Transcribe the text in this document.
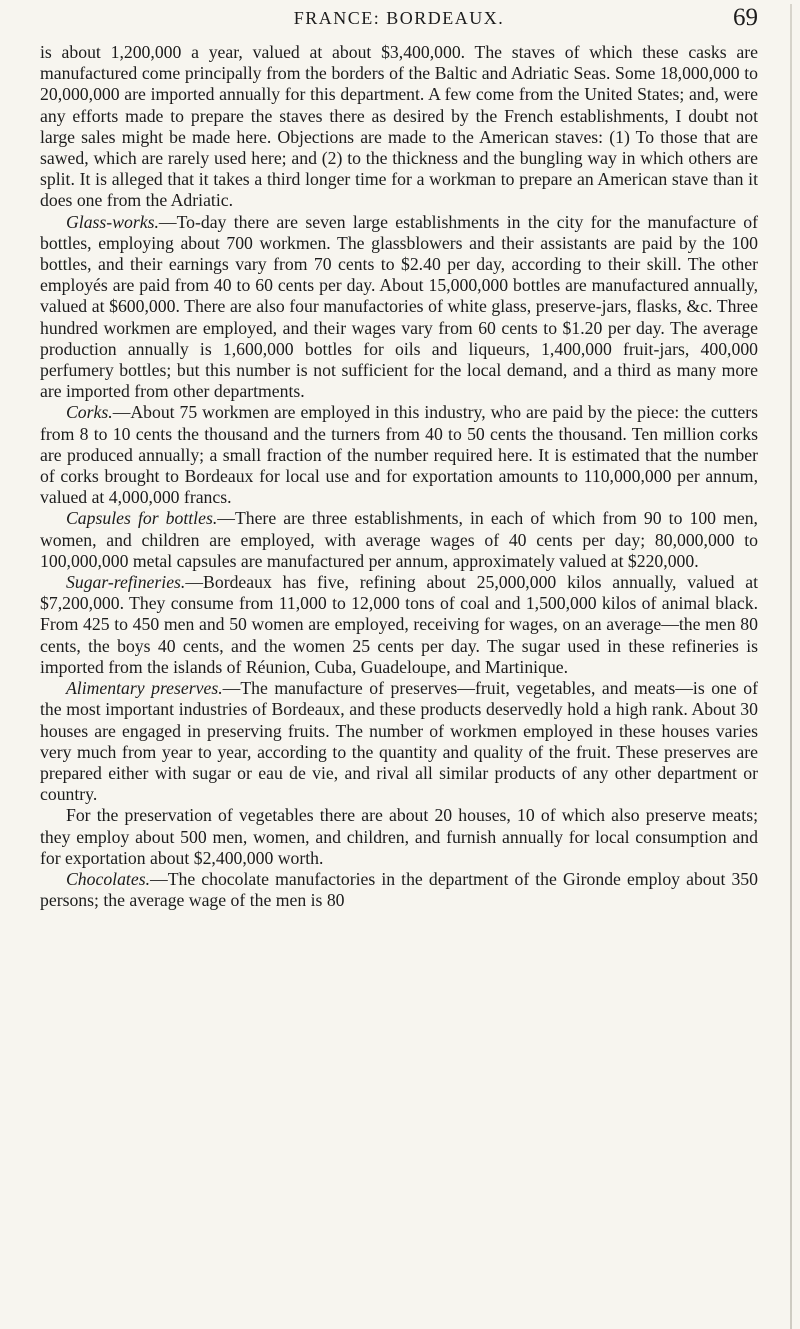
FRANCE: BORDEAUX.	69

is about 1,200,000 a year, valued at about $3,400,000. The staves of which these casks are manufactured come principally from the borders of the Baltic and Adriatic Seas. Some 18,000,000 to 20,000,000 are imported annually for this department. A few come from the United States; and, were any efforts made to prepare the staves there as desired by the French establishments, I doubt not large sales might be made here. Objections are made to the American staves: (1) To those that are sawed, which are rarely used here; and (2) to the thickness and the bungling way in which others are split. It is alleged that it takes a third longer time for a workman to prepare an American stave than it does one from the Adriatic.

Glass-works.—To-day there are seven large establishments in the city for the manufacture of bottles, employing about 700 workmen. The glassblowers and their assistants are paid by the 100 bottles, and their earnings vary from 70 cents to $2.40 per day, according to their skill. The other employés are paid from 40 to 60 cents per day. About 15,000,000 bottles are manufactured annually, valued at $600,000. There are also four manufactories of white glass, preserve-jars, flasks, &c. Three hundred workmen are employed, and their wages vary from 60 cents to $1.20 per day. The average production annually is 1,600,000 bottles for oils and liqueurs, 1,400,000 fruit-jars, 400,000 perfumery bottles; but this number is not sufficient for the local demand, and a third as many more are imported from other departments.

Corks.—About 75 workmen are employed in this industry, who are paid by the piece: the cutters from 8 to 10 cents the thousand and the turners from 40 to 50 cents the thousand. Ten million corks are produced annually; a small fraction of the number required here. It is estimated that the number of corks brought to Bordeaux for local use and for exportation amounts to 110,000,000 per annum, valued at 4,000,000 francs.

Capsules for bottles.—There are three establishments, in each of which from 90 to 100 men, women, and children are employed, with average wages of 40 cents per day; 80,000,000 to 100,000,000 metal capsules are manufactured per annum, approximately valued at $220,000.

Sugar-refineries.—Bordeaux has five, refining about 25,000,000 kilos annually, valued at $7,200,000. They consume from 11,000 to 12,000 tons of coal and 1,500,000 kilos of animal black. From 425 to 450 men and 50 women are employed, receiving for wages, on an average—the men 80 cents, the boys 40 cents, and the women 25 cents per day. The sugar used in these refineries is imported from the islands of Réunion, Cuba, Guadeloupe, and Martinique.

Alimentary preserves.—The manufacture of preserves—fruit, vegetables, and meats—is one of the most important industries of Bordeaux, and these products deservedly hold a high rank. About 30 houses are engaged in preserving fruits. The number of workmen employed in these houses varies very much from year to year, according to the quantity and quality of the fruit. These preserves are prepared either with sugar or eau de vie, and rival all similar products of any other department or country.

For the preservation of vegetables there are about 20 houses, 10 of which also preserve meats; they employ about 500 men, women, and children, and furnish annually for local consumption and for exportation about $2,400,000 worth.

Chocolates.—The chocolate manufactories in the department of the Gironde employ about 350 persons; the average wage of the men is 80
